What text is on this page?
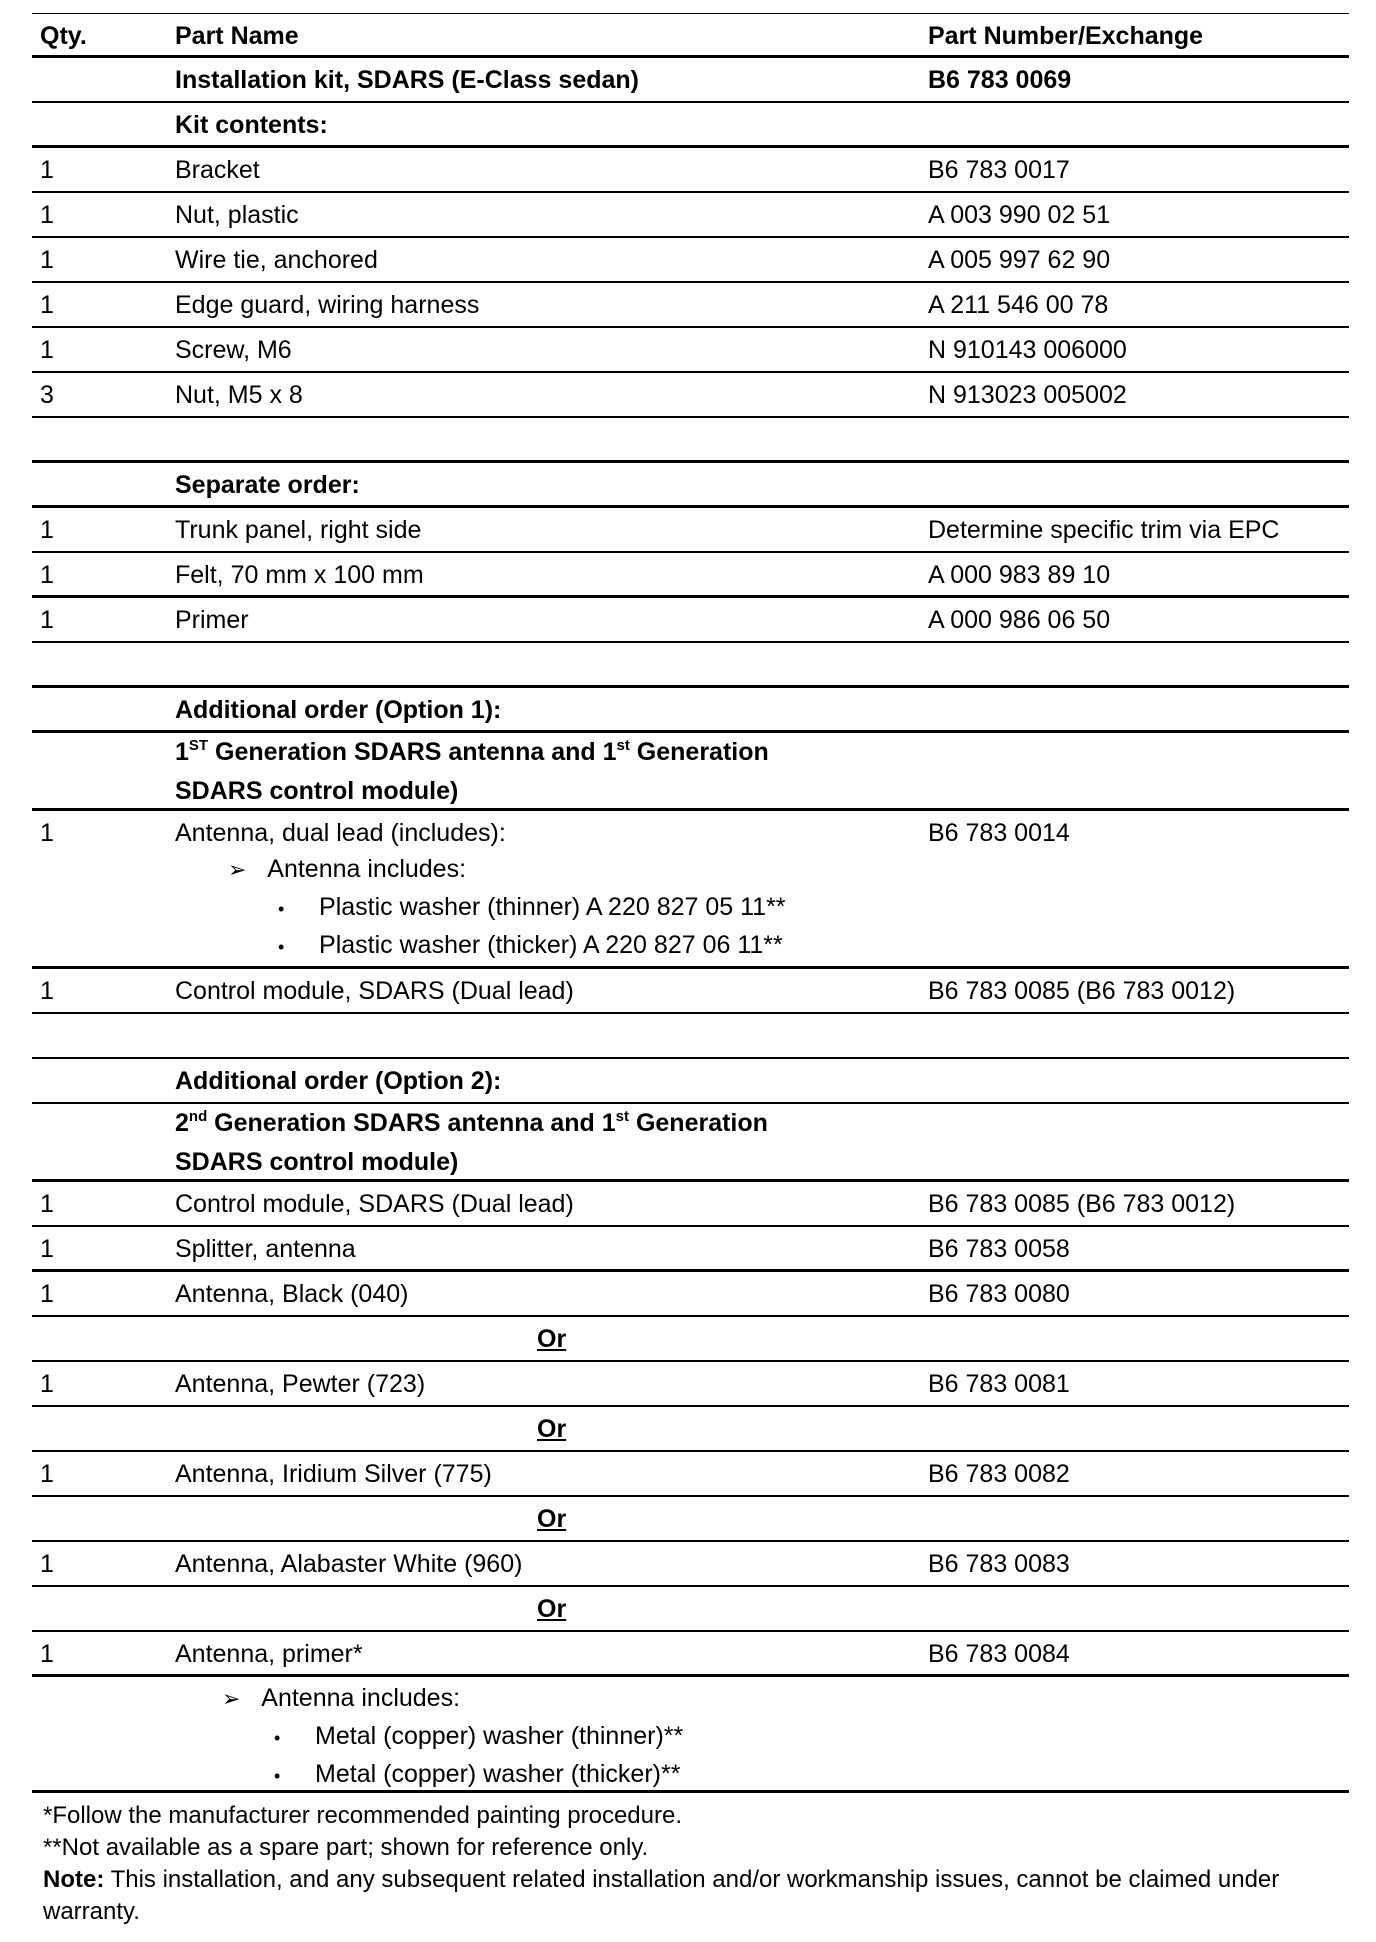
Qty.	Part Name	Part Number/Exchange
Installation kit, SDARS (E-Class sedan)	B6 783 0069
Kit contents:
1	Bracket	B6 783 0017
1	Nut, plastic	A 003 990 02 51
1	Wire tie, anchored	A 005 997 62 90
1	Edge guard, wiring harness	A 211 546 00 78
1	Screw, M6	N 910143 006000
3	Nut, M5 x 8	N 913023 005002
Separate order:
1	Trunk panel, right side	Determine specific trim via EPC
1	Felt, 70 mm x 100 mm	A 000 983 89 10
1	Primer	A 000 986 06 50
Additional order (Option 1):
1ST Generation SDARS antenna and 1st Generation
SDARS control module)
1	Antenna, dual lead (includes):	B6 783 0014
➢ Antenna includes:
• Plastic washer (thinner) A 220 827 05 11**
• Plastic washer (thicker) A 220 827 06 11**
1	Control module, SDARS (Dual lead)	B6 783 0085 (B6 783 0012)
Additional order (Option 2):
2nd Generation SDARS antenna and 1st Generation
SDARS control module)
1	Control module, SDARS (Dual lead)	B6 783 0085 (B6 783 0012)
1	Splitter, antenna	B6 783 0058
1	Antenna, Black (040)	B6 783 0080
Or
1	Antenna, Pewter (723)	B6 783 0081
Or
1	Antenna, Iridium Silver (775)	B6 783 0082
Or
1	Antenna, Alabaster White (960)	B6 783 0083
Or
1	Antenna, primer*	B6 783 0084
➢ Antenna includes:
• Metal (copper) washer (thinner)**
• Metal (copper) washer (thicker)**

*Follow the manufacturer recommended painting procedure.

**Not available as a spare part; shown for reference only.

Note: This installation, and any subsequent related installation and/or workmanship issues, cannot be claimed under warranty.
